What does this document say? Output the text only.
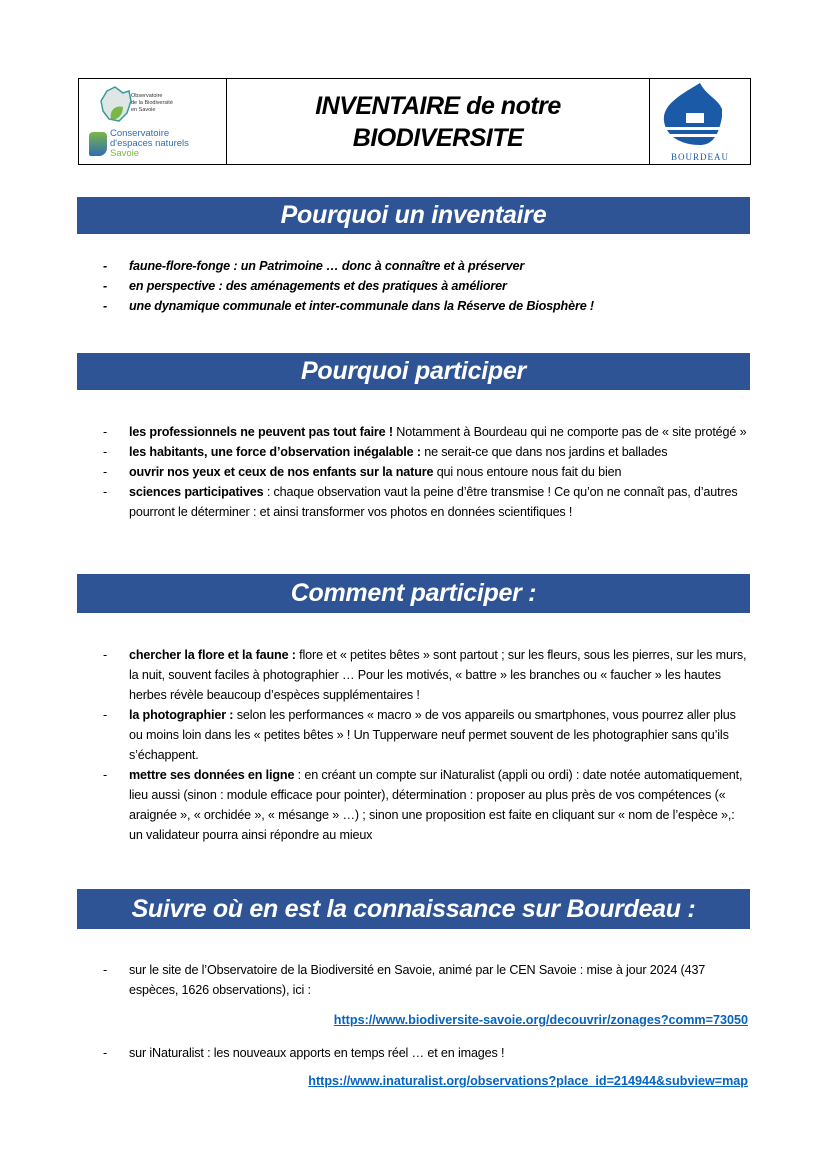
Observatoire
de la Biodiversité
en Savoie
Conservatoire
d'espaces naturels
Savoie
INVENTAIRE de notre
BIODIVERSITE
BOURDEAU
Pourquoi un inventaire
- faune-flore-fonge : un Patrimoine … donc à connaître et à préserver
- en perspective : des aménagements et des pratiques à améliorer
- une dynamique communale et inter-communale dans la Réserve de Biosphère !
Pourquoi participer
- les professionnels ne peuvent pas tout faire ! Notamment à Bourdeau qui ne comporte pas de « site protégé »
- les habitants, une force d’observation inégalable : ne serait-ce que dans nos jardins et ballades
- ouvrir nos yeux et ceux de nos enfants sur la nature qui nous entoure nous fait du bien
- sciences participatives : chaque observation vaut la peine d’être transmise ! Ce qu’on ne connaît pas, d’autres pourront le déterminer : et ainsi transformer vos photos en données scientifiques !
Comment participer :
- chercher la flore et la faune : flore et « petites bêtes » sont partout ; sur les fleurs, sous les pierres, sur les murs, la nuit, souvent faciles à photographier … Pour les motivés, « battre » les branches ou « faucher » les hautes herbes révèle beaucoup d’espèces supplémentaires !
- la photographier : selon les performances « macro » de vos appareils ou smartphones, vous pourrez aller plus ou moins loin dans les « petites bêtes » ! Un Tupperware neuf permet souvent de les photographier sans qu’ils s’échappent.
- mettre ses données en ligne : en créant un compte sur iNaturalist (appli ou ordi) : date notée automatiquement, lieu aussi (sinon : module efficace pour pointer), détermination : proposer au plus près de vos compétences (« araignée », « orchidée », « mésange » …) ; sinon une proposition est faite en cliquant sur « nom de l’espèce »,: un validateur pourra ainsi répondre au mieux
Suivre où en est la connaissance sur Bourdeau :
- sur le site de l’Observatoire de la Biodiversité en Savoie, animé par le CEN Savoie : mise à jour 2024 (437 espèces, 1626 observations), ici :
https://www.biodiversite-savoie.org/decouvrir/zonages?comm=73050
- sur iNaturalist : les nouveaux apports en temps réel … et en images !
https://www.inaturalist.org/observations?place_id=214944&subview=map
